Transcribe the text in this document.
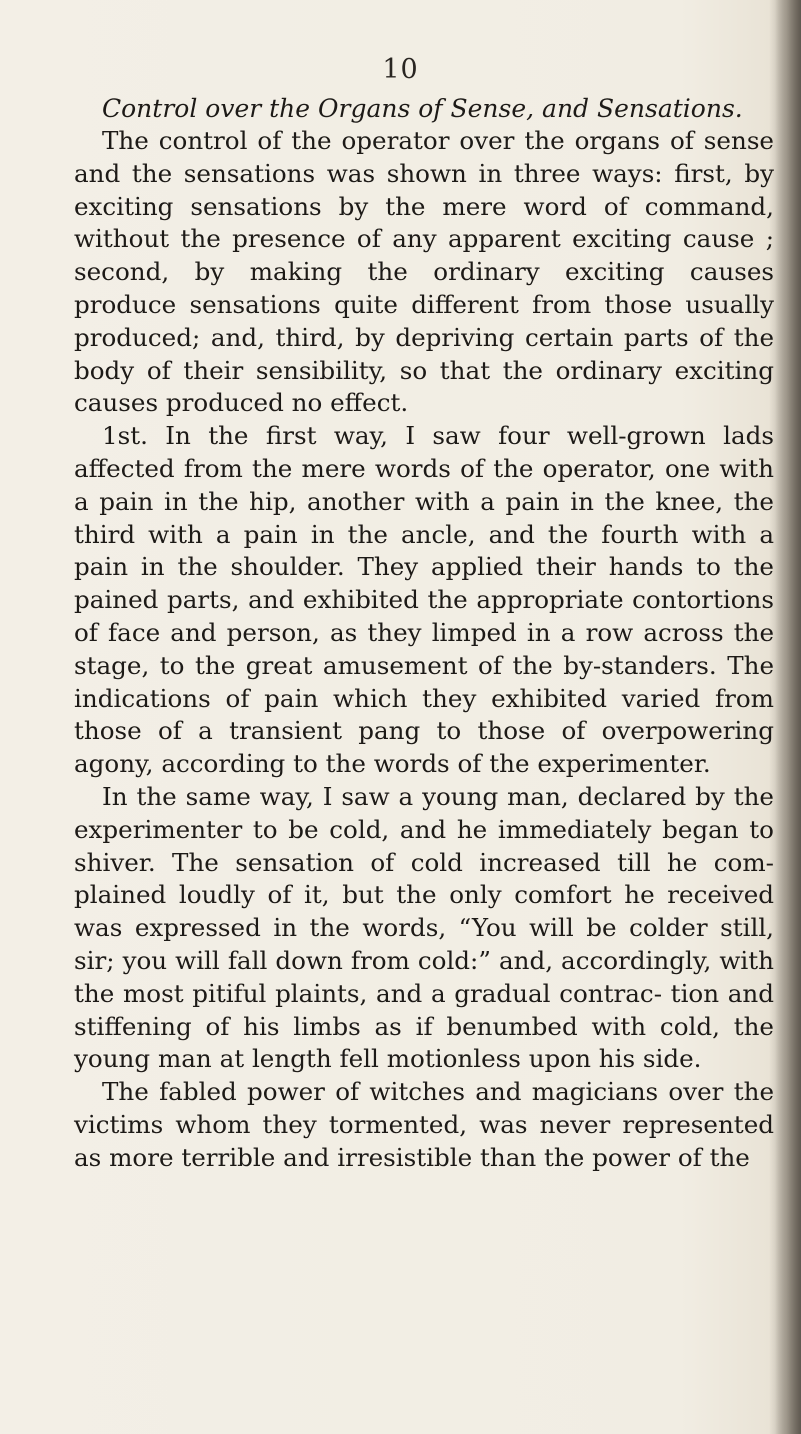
10
Control over the Organs of Sense, and Sensations.

The control of the operator over the organs of sense and the sensations was shown in three ways: first, by exciting sensations by the mere word of command, without the presence of any apparent exciting cause ; second, by making the ordinary exciting causes produce sensations quite different from those usually produced; and, third, by depriving certain parts of the body of their sensibility, so that the ordinary exciting causes produced no effect.

1st. In the first way, I saw four well-grown lads affected from the mere words of the operator, one with a pain in the hip, another with a pain in the knee, the third with a pain in the ancle, and the fourth with a pain in the shoulder. They applied their hands to the pained parts, and exhibited the appropriate contortions of face and person, as they limped in a row across the stage, to the great amusement of the by-standers. The indications of pain which they exhibited varied from those of a transient pang to those of overpowering agony, according to the words of the experimenter.

In the same way, I saw a young man, declared by the experimenter to be cold, and he immediately began to shiver. The sensation of cold increased till he com- plained loudly of it, but the only comfort he received was expressed in the words, “You will be colder still, sir; you will fall down from cold:” and, accordingly, with the most pitiful plaints, and a gradual contrac- tion and stiffening of his limbs as if benumbed with cold, the young man at length fell motionless upon his side.

The fabled power of witches and magicians over the victims whom they tormented, was never represented as more terrible and irresistible than the power of the
